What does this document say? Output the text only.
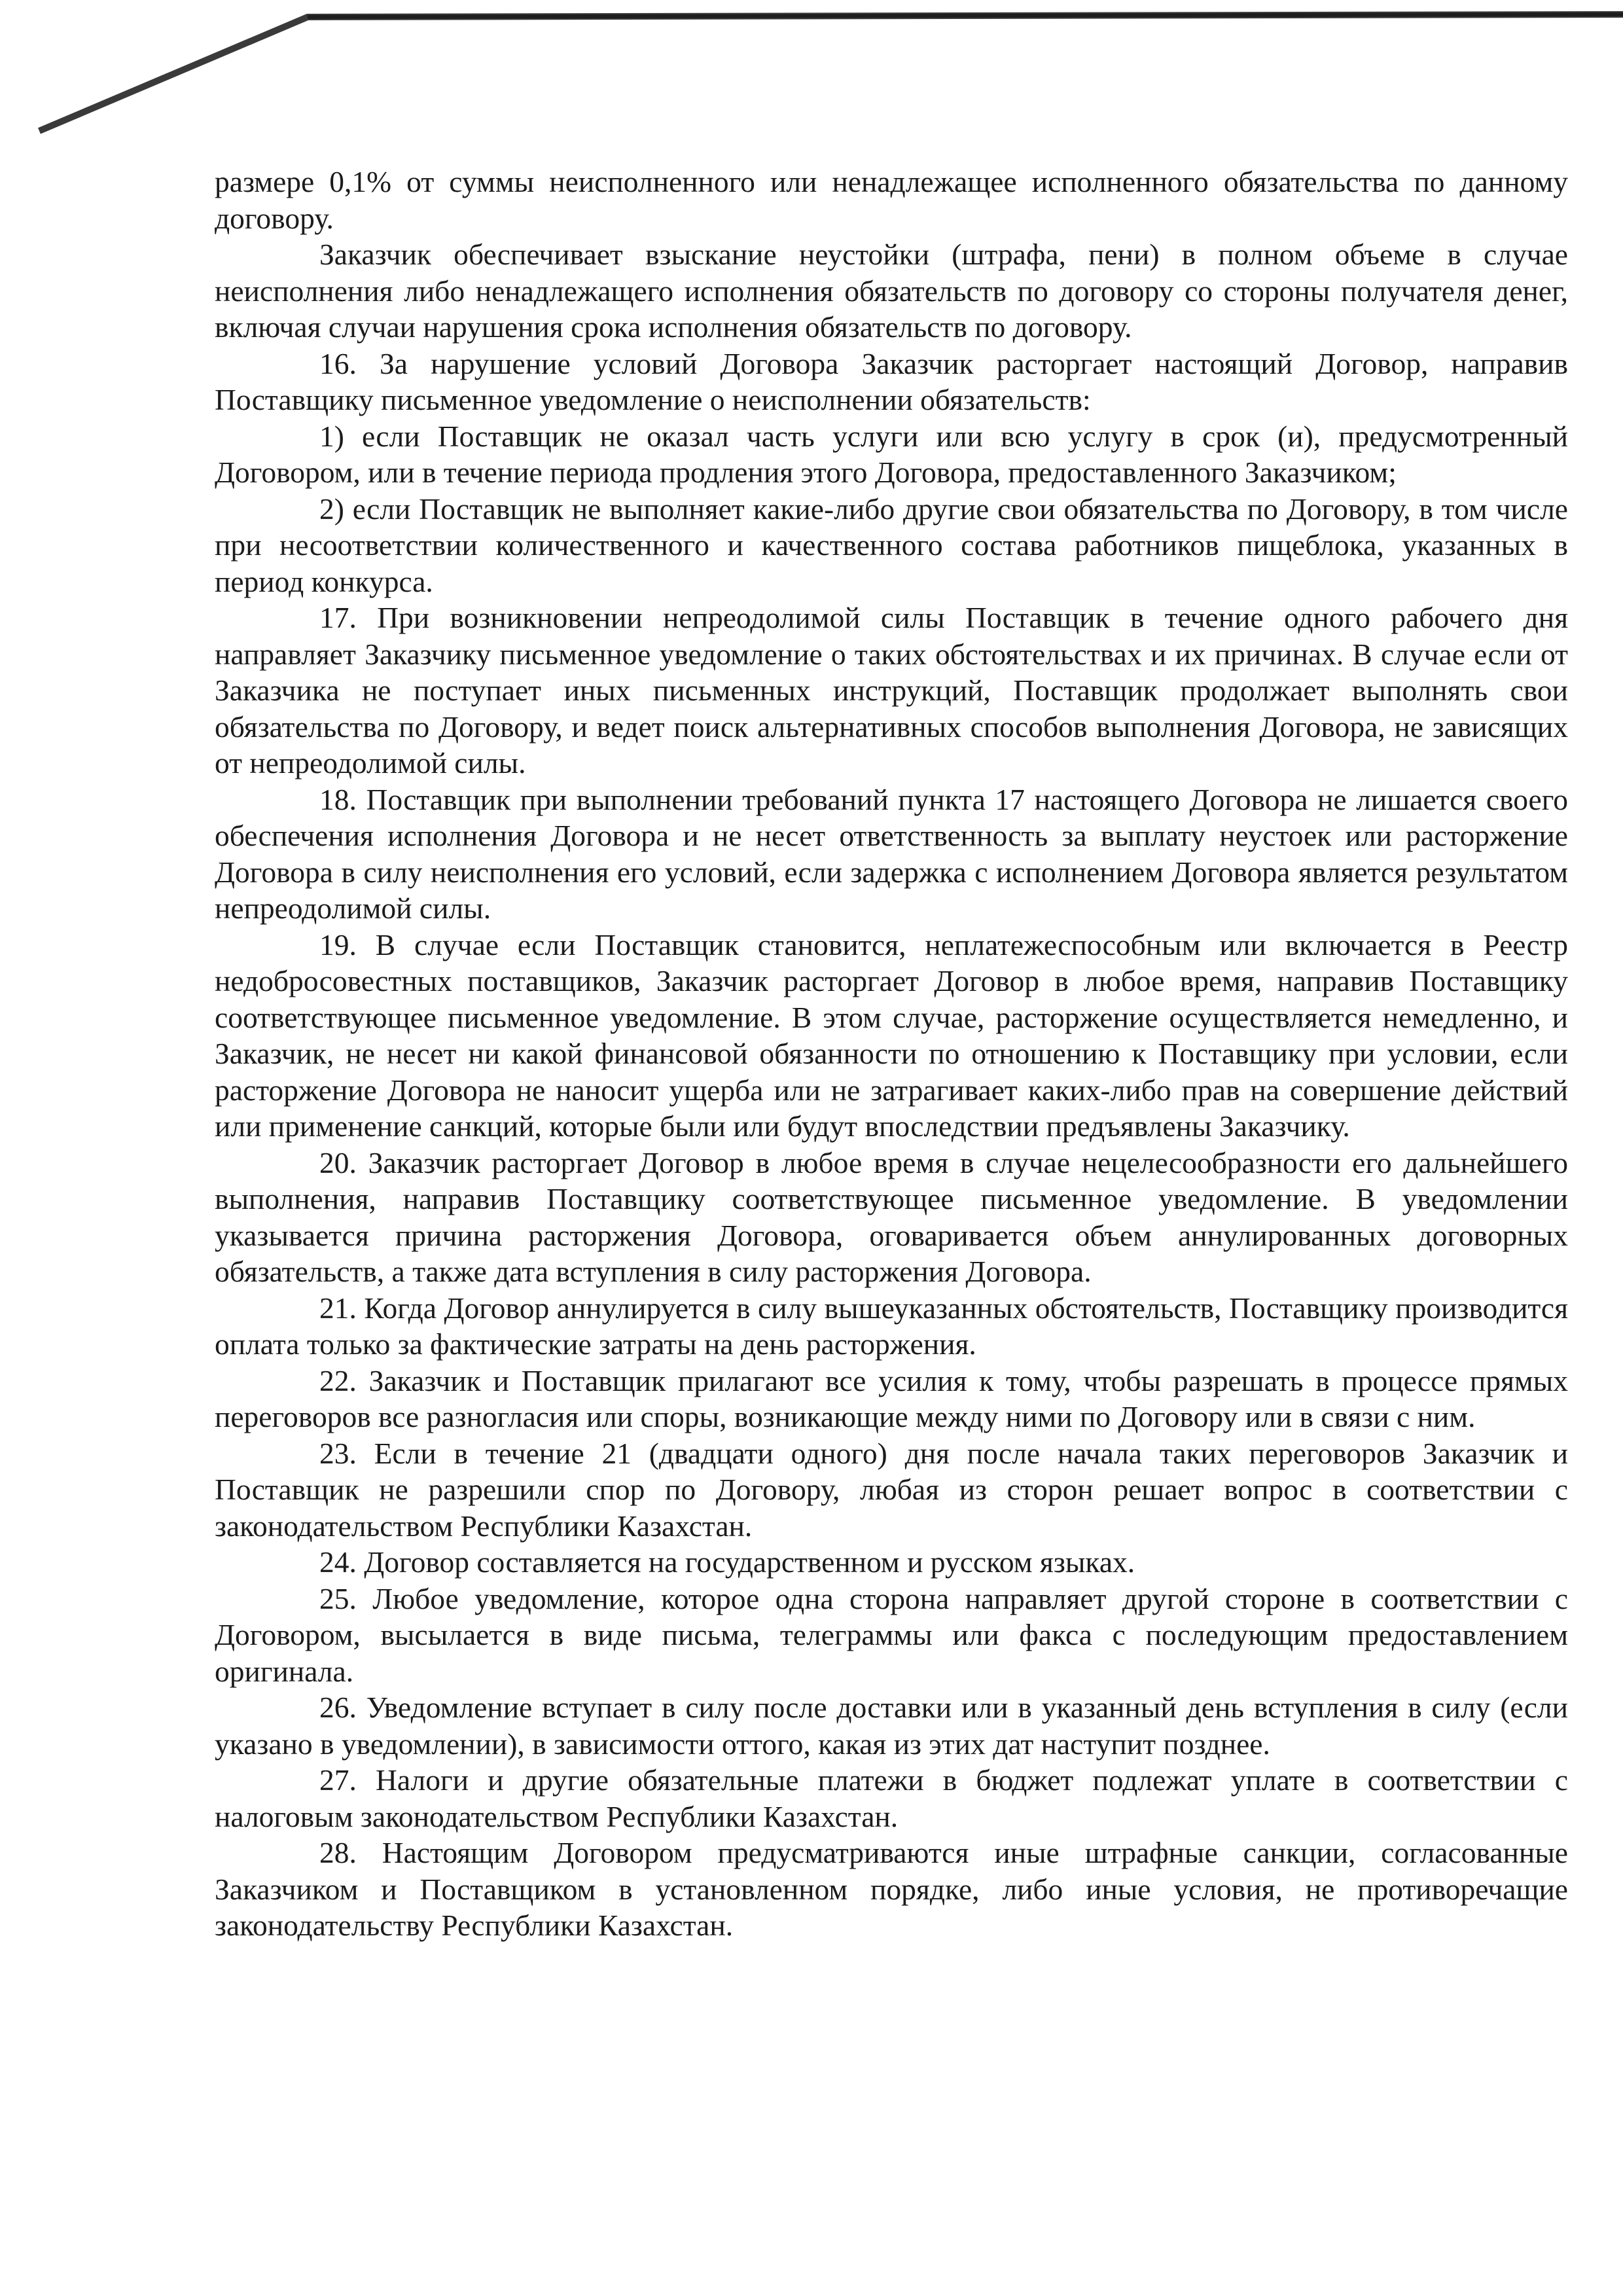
размере 0,1% от суммы неисполненного или ненадлежащее исполненного обязательства по данному договору.

Заказчик обеспечивает взыскание неустойки (штрафа, пени) в полном объеме в случае неисполнения либо ненадлежащего исполнения обязательств по договору со стороны получателя денег, включая случаи нарушения срока исполнения обязательств по договору.

16. За нарушение условий Договора Заказчик расторгает настоящий Договор, направив Поставщику письменное уведомление о неисполнении обязательств:

1) если Поставщик не оказал часть услуги или всю услугу в срок (и), предусмотренный Договором, или в течение периода продления этого Договора, предоставленного Заказчиком;

2) если Поставщик не выполняет какие-либо другие свои обязательства по Договору, в том числе при несоответствии количественного и качественного состава работников пищеблока, указанных в период конкурса.

17. При возникновении непреодолимой силы Поставщик в течение одного рабочего дня направляет Заказчику письменное уведомление о таких обстоятельствах и их причинах. В случае если от Заказчика не поступает иных письменных инструкций, Поставщик продолжает выполнять свои обязательства по Договору, и ведет поиск альтернативных способов выполнения Договора, не зависящих от непреодолимой силы.

18. Поставщик при выполнении требований пункта 17 настоящего Договора не лишается своего обеспечения исполнения Договора и не несет ответственность за выплату неустоек или расторжение Договора в силу неисполнения его условий, если задержка с исполнением Договора является результатом непреодолимой силы.

19. В случае если Поставщик становится, неплатежеспособным или включается в Реестр недобросовестных поставщиков, Заказчик расторгает Договор в любое время, направив Поставщику соответствующее письменное уведомление. В этом случае, расторжение осуществляется немедленно, и Заказчик, не несет ни какой финансовой обязанности по отношению к Поставщику при условии, если расторжение Договора не наносит ущерба или не затрагивает каких-либо прав на совершение действий или применение санкций, которые были или будут впоследствии предъявлены Заказчику.

20. Заказчик расторгает Договор в любое время в случае нецелесообразности его дальнейшего выполнения, направив Поставщику соответствующее письменное уведомление. В уведомлении указывается причина расторжения Договора, оговаривается объем аннулированных договорных обязательств, а также дата вступления в силу расторжения Договора.

21. Когда Договор аннулируется в силу вышеуказанных обстоятельств, Поставщику производится оплата только за фактические затраты на день расторжения.

22. Заказчик и Поставщик прилагают все усилия к тому, чтобы разрешать в процессе прямых переговоров все разногласия или споры, возникающие между ними по Договору или в связи с ним.

23. Если в течение 21 (двадцати одного) дня после начала таких переговоров Заказчик и Поставщик не разрешили спор по Договору, любая из сторон решает вопрос в соответствии с законодательством Республики Казахстан.

24. Договор составляется на государственном и русском языках.

25. Любое уведомление, которое одна сторона направляет другой стороне в соответствии с Договором, высылается в виде письма, телеграммы или факса с последующим предоставлением оригинала.

26. Уведомление вступает в силу после доставки или в указанный день вступления в силу (если указано в уведомлении), в зависимости оттого, какая из этих дат наступит позднее.

27. Налоги и другие обязательные платежи в бюджет подлежат уплате в соответствии с налоговым законодательством Республики Казахстан.

28. Настоящим Договором предусматриваются иные штрафные санкции, согласованные Заказчиком и Поставщиком в установленном порядке, либо иные условия, не противоречащие законодательству Республики Казахстан.
